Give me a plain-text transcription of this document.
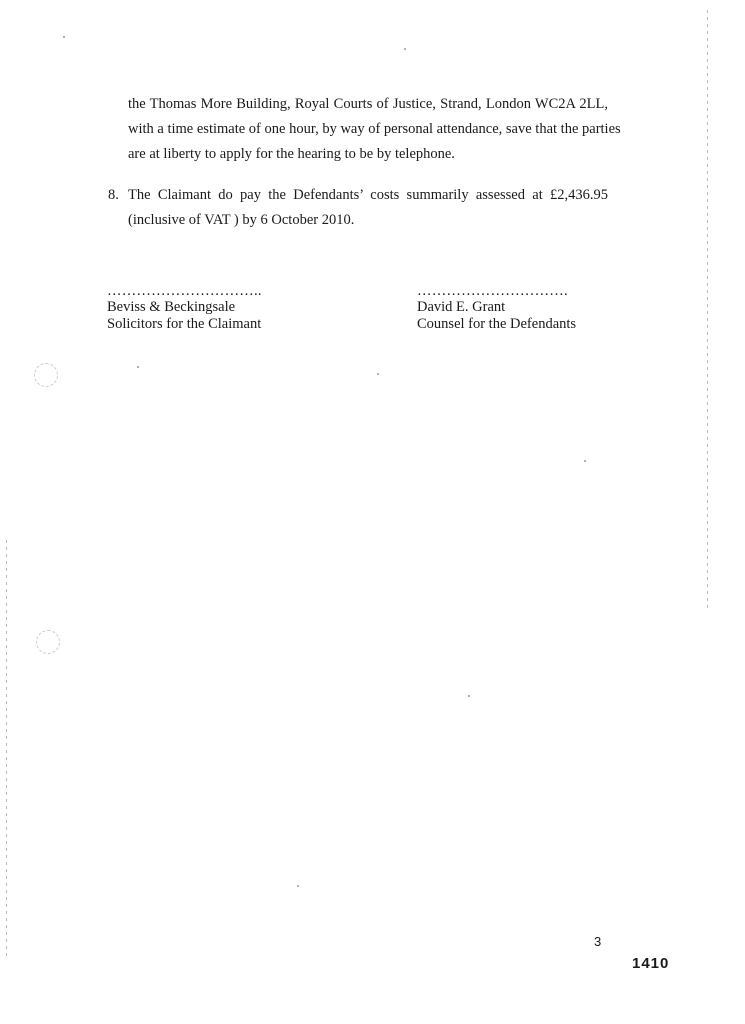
the Thomas More Building, Royal Courts of Justice, Strand, London WC2A 2LL,
with a time estimate of one hour, by way of personal attendance, save that the parties
are at liberty to apply for the hearing to be by telephone.
8. The Claimant do pay the Defendants’ costs summarily assessed at £2,436.95
(inclusive of VAT ) by 6 October 2010.
…………………………..
Beviss & Beckingsale
Solicitors for the Claimant
………………………….
David E. Grant
Counsel for the Defendants
3
1410
